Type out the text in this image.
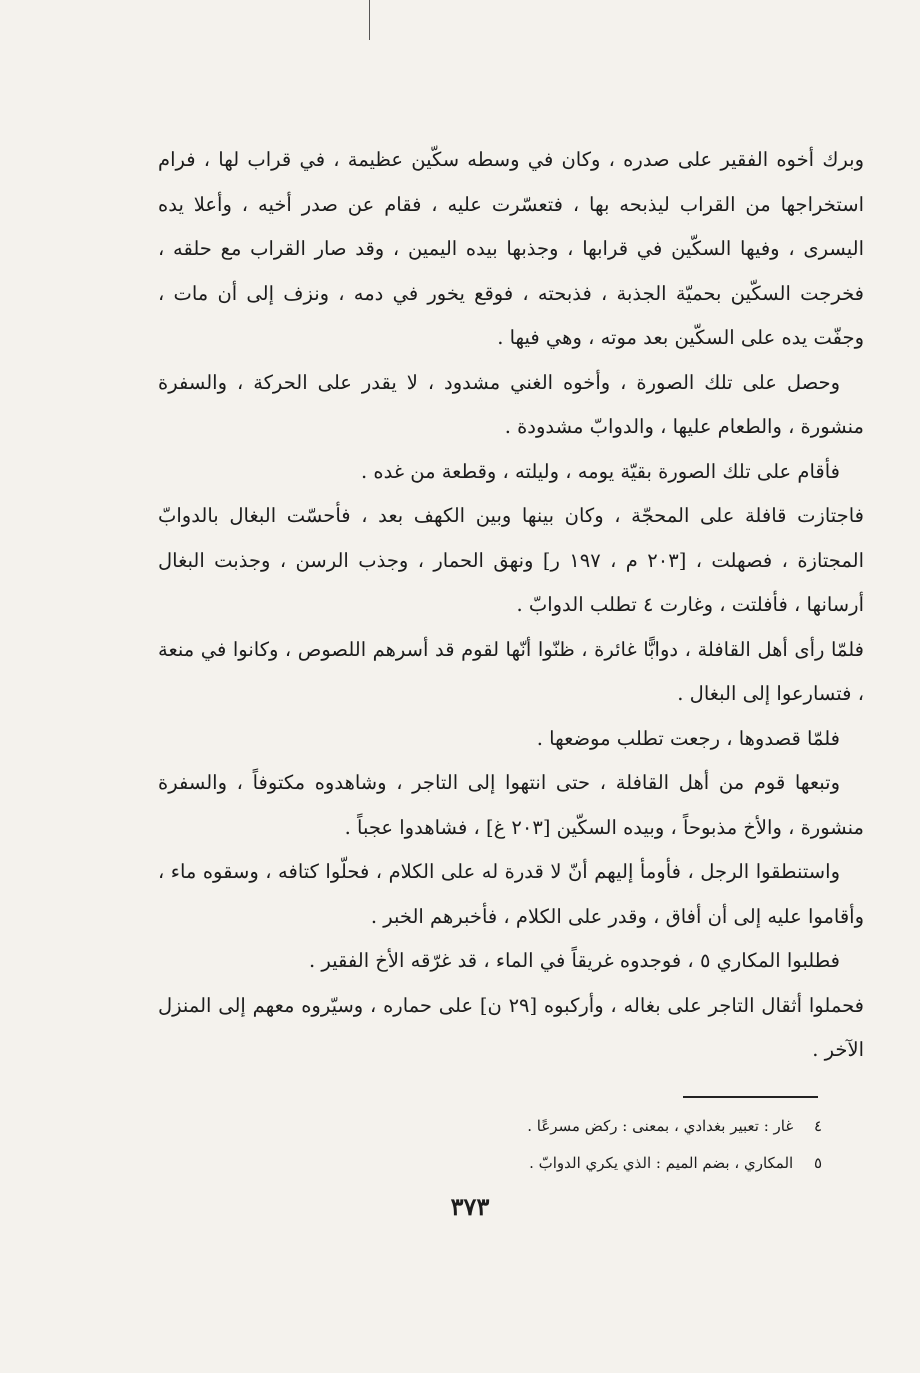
وبرك أخوه الفقير على صدره ، وكان في وسطه سكّين عظيمة ، في قراب لها ، فرام استخراجها من القراب ليذبحه بها ، فتعسّرت عليه ، فقام عن صدر أخيه ، وأعلا يده اليسرى ، وفيها السكّين في قرابها ، وجذبها بيده اليمين ، وقد صار القراب مع حلقه ، فخرجت السكّين بحميّة الجذبة ، فذبحته ، فوقع يخور في دمه ، ونزف إلى أن مات ، وجفّت يده على السكّين بعد موته ، وهي فيها .

وحصل على تلك الصورة ، وأخوه الغني مشدود ، لا يقدر على الحركة ، والسفرة منشورة ، والطعام عليها ، والدوابّ مشدودة .

فأقام على تلك الصورة بقيّة يومه ، وليلته ، وقطعة من غده .

فاجتازت قافلة على المحجّة ، وكان بينها وبين الكهف بعد ، فأحسّت البغال بالدوابّ المجتازة ، فصهلت ، [٢٠٣ م ، ١٩٧ ر] ونهق الحمار ، وجذب الرسن ، وجذبت البغال أرسانها ، فأفلتت ، وغارت ٤ تطلب الدوابّ .

فلمّا رأى أهل القافلة ، دوابًّا غائرة ، ظنّوا أنّها لقوم قد أسرهم اللصوص ، وكانوا في منعة ، فتسارعوا إلى البغال .

فلمّا قصدوها ، رجعت تطلب موضعها .

وتبعها قوم من أهل القافلة ، حتى انتهوا إلى التاجر ، وشاهدوه مكتوفاً ، والسفرة منشورة ، والأخ مذبوحاً ، وبيده السكّين [٢٠٣ غ] ، فشاهدوا عجباً .

واستنطقوا الرجل ، فأومأ إليهم أنّ لا قدرة له على الكلام ، فحلّوا كتافه ، وسقوه ماء ، وأقاموا عليه إلى أن أفاق ، وقدر على الكلام ، فأخبرهم الخبر .

فطلبوا المكاري ٥ ، فوجدوه غريقاً في الماء ، قد غرّقه الأخ الفقير .

فحملوا أثقال التاجر على بغاله ، وأركبوه [٢٩ ن] على حماره ، وسيّروه معهم إلى المنزل الآخر .

٤ غار : تعبير بغدادي ، بمعنى : ركض مسرعًا .

٥ المكاري ، بضم الميم : الذي يكري الدوابّ .

٣٧٣
